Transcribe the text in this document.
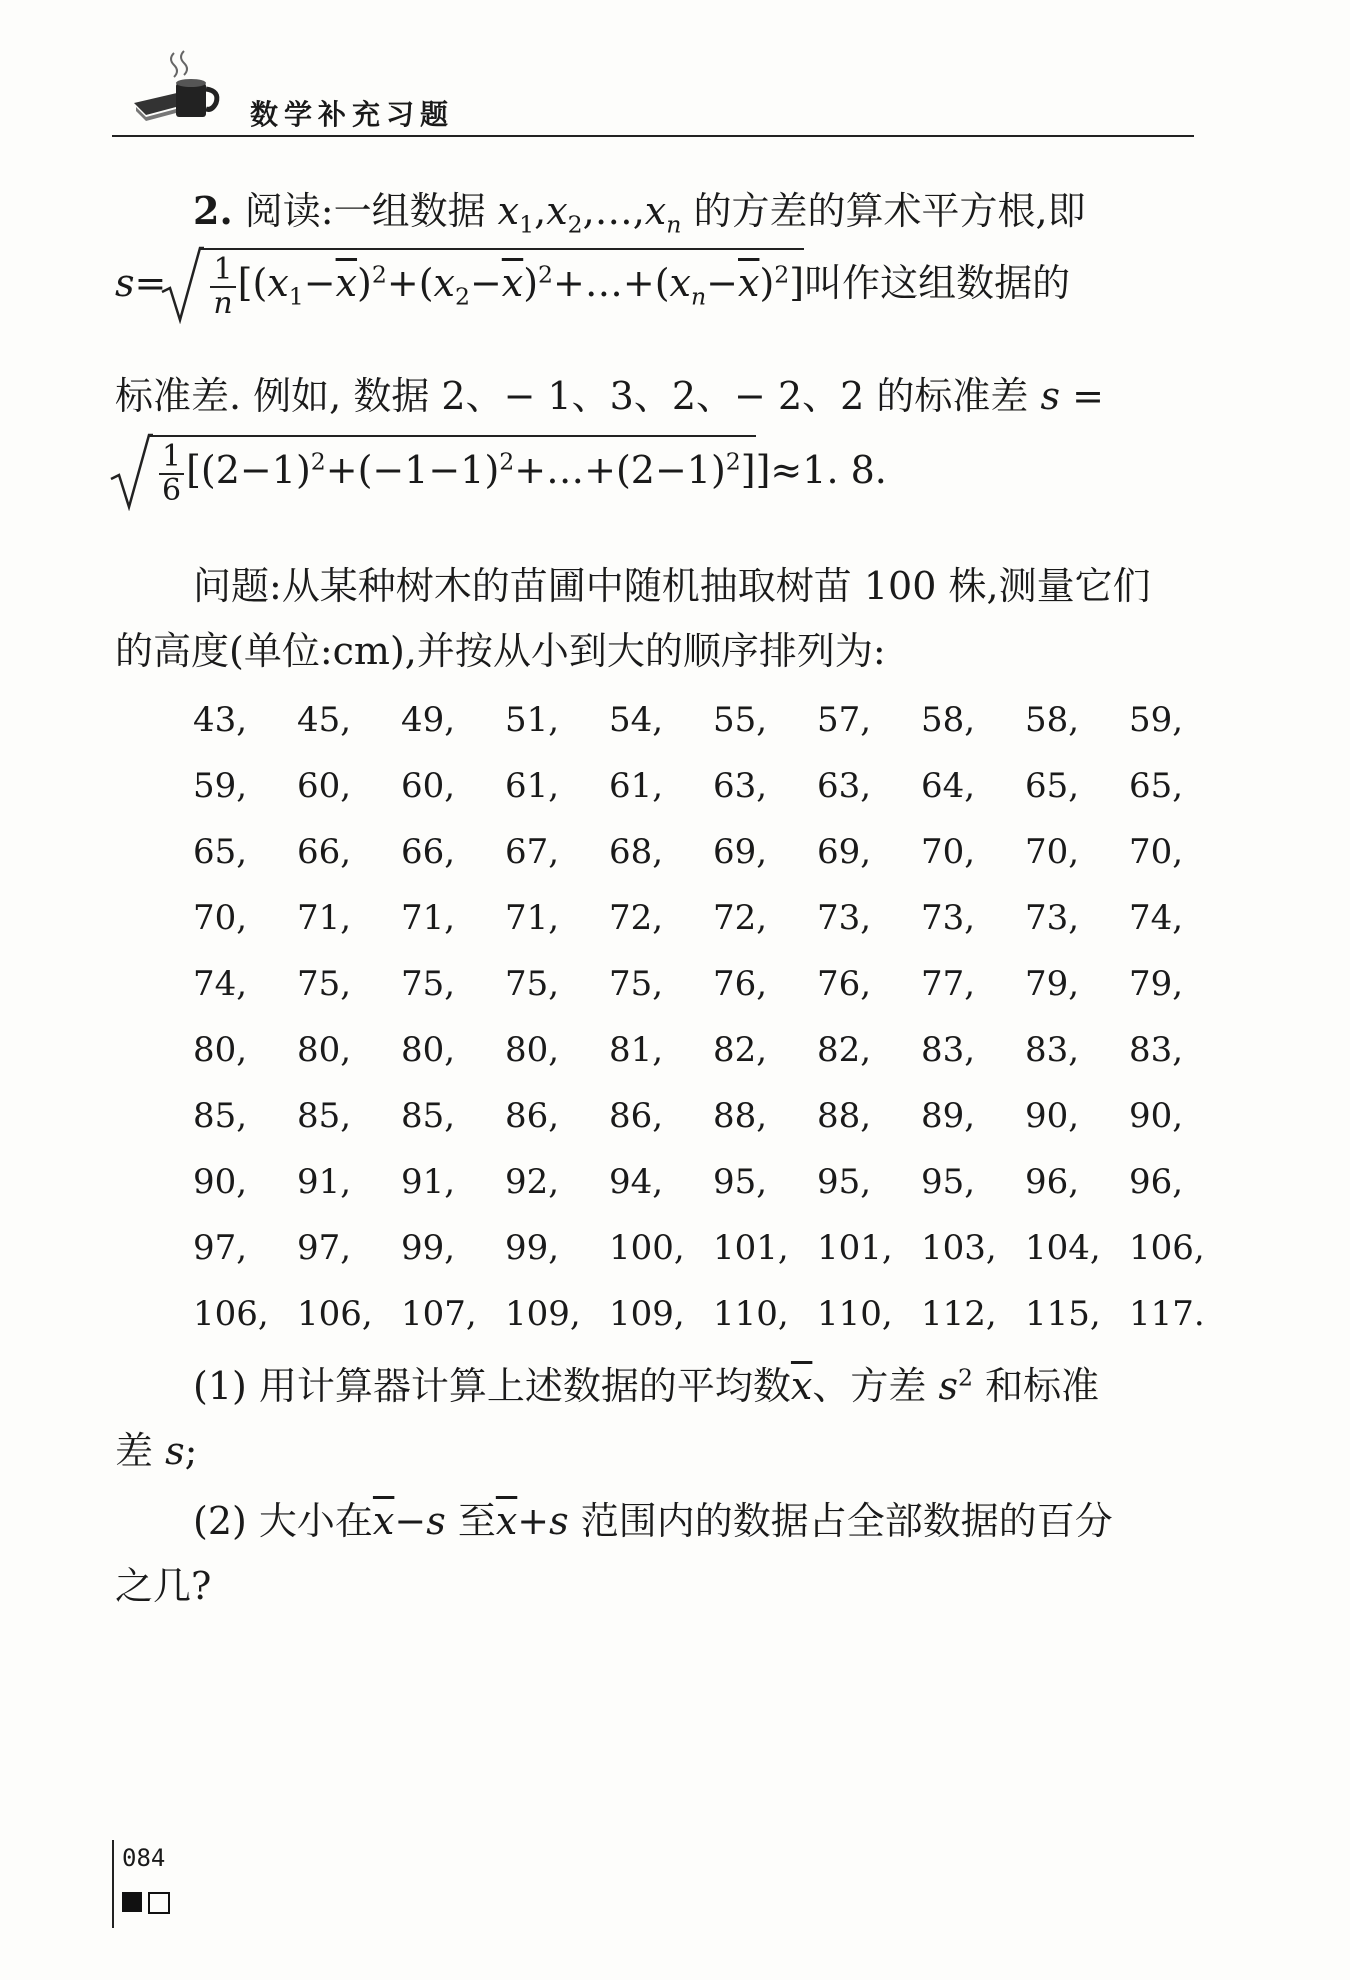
数学补充习题
2. 阅读:一组数据 $x_1,x_2,\dots,x_n$ 的方差的算术平方根,即
$s= \frac{1}{n}$ $[(x_1-\overline{x})^2+(x_2-\overline{x})^2+\dots+(x_n-\overline{x})^2]$叫作这组数据的
标准差. 例如, 数据 2、− 1、3、2、− 2、2 的标准差 s =
$\frac{1}{6}$ $[(2-1)^2+(-1-1)^2+\dots+(2-1)^2]]\approx 1$. 8.
问题:从某种树木的苗圃中随机抽取树苗 100 株,测量它们
的高度(单位:cm),并按从小到大的顺序排列为:
43, 45, 49, 51, 54, 55, 57, 58, 58, 59,
59, 60, 60, 61, 61, 63, 63, 64, 65, 65,
65, 66, 66, 67, 68, 69, 69, 70, 70, 70,
70, 71, 71, 71, 72, 72, 73, 73, 73, 74,
74, 75, 75, 75, 75, 76, 76, 77, 79, 79,
80, 80, 80, 80, 81, 82, 82, 83, 83, 83,
85, 85, 85, 86, 86, 88, 88, 89, 90, 90,
90, 91, 91, 92, 94, 95, 95, 95, 96, 96,
97, 97, 99, 99, 100, 101, 101, 103, 104, 106,
106, 106, 107, 109, 109, 110, 110, 112, 115, 117.
(1) 用计算器计算上述数据的平均数$\overline{x}$、方差 $s^2$ 和标准
差 s;
(2) 大小在$\overline{x}-s$ 至$\overline{x}+s$ 范围内的数据占全部数据的百分
之几?
084
